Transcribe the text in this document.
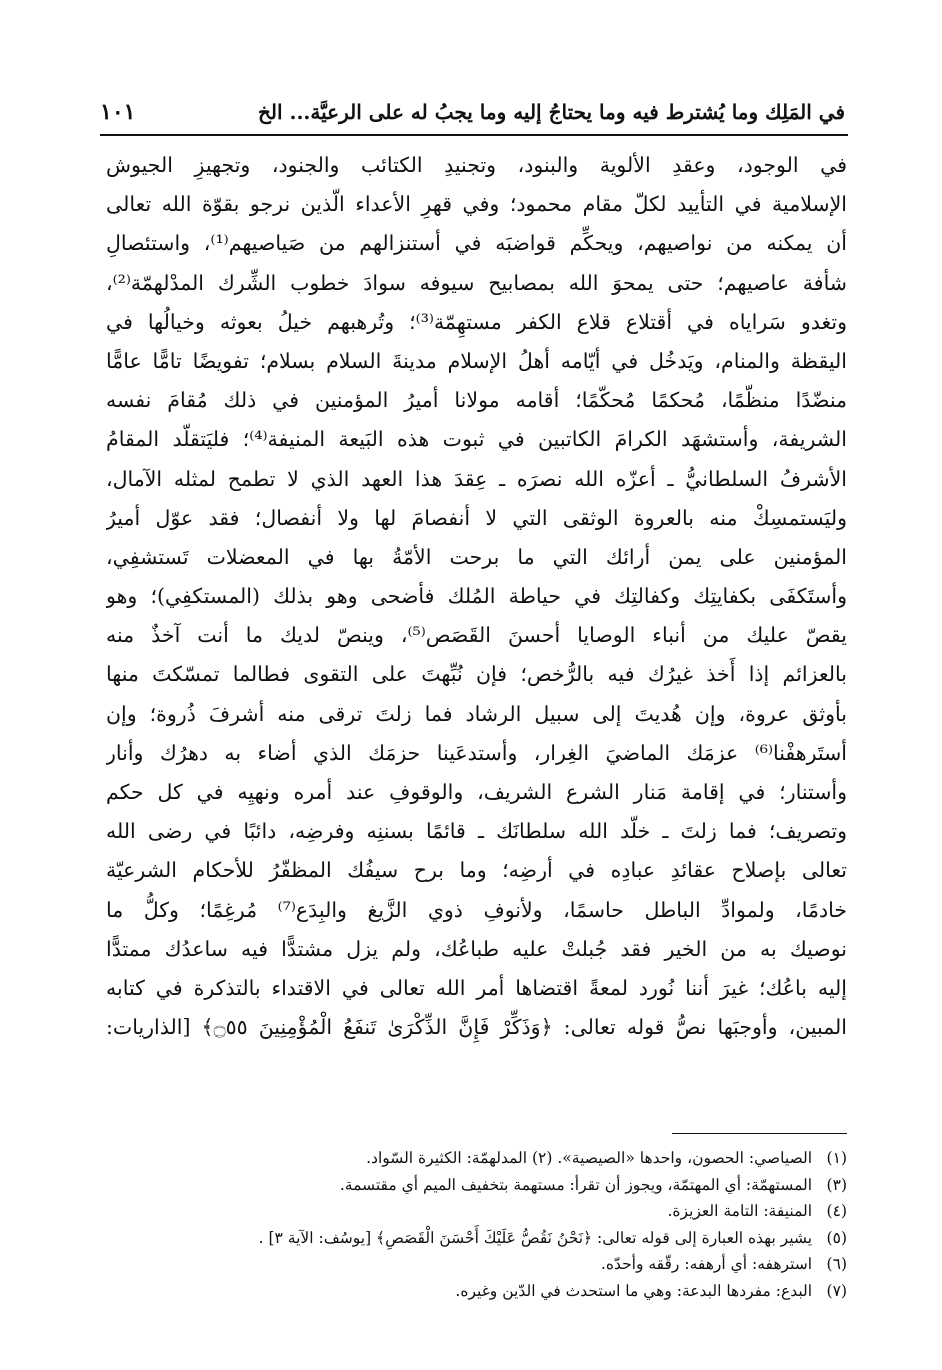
في المَلِك وما يُشترط فيه وما يحتاجُ إليه وما يجبُ له على الرعيَّة... الخ
١٠١
في الوجود، وعقدِ الألوية والبنود، وتجنيدِ الكتائب والجنود، وتجهيزِ الجيوش
الإسلامية في التأييد لكلّ مقام محمود؛ وفي قهرِ الأعداء الّذين نرجو بقوّة الله تعالى
أن يمكنه من نواصيهم، ويحكِّم قواضبَه في أستنزالهم من صَياصيهم⁽¹⁾، واستئصالِ
شأفة عاصيهم؛ حتى يمحوَ الله بمصابيح سيوفه سوادَ خطوب الشِّرك المدْلهمّة⁽²⁾،
وتغدو سَراياه في أقتلاع قلاع الكفر مستهِمّة⁽³⁾؛ وتُرهبهم خيلُ بعوثه وخيالُها في
اليقظة والمنام، ويَدخُل في أيّامه أهلُ الإسلام مدينةَ السلام بسلام؛ تفويضًا تامًّا عامًّا
منضّدًا منظّمًا، مُحكمًا مُحكّمًا؛ أقامه مولانا أميرُ المؤمنين في ذلك مُقامَ نفسه
الشريفة، وأستشهَد الكرامَ الكاتبين في ثبوت هذه البَيعة المنيفة⁽⁴⁾؛ فليَتقلّد المقامُ
الأشرفُ السلطانيُّ ـ أعزّه الله نصرَه ـ عِقدَ هذا العهد الذي لا تطمح لمثله الآمال،
وليَستمسِكْ منه بالعروة الوثقى التي لا أنفصامَ لها ولا أنفصال؛ فقد عوّل أميرُ
المؤمنين على يمن أرائك التي ما برحت الأمّةُ بها في المعضلات تَستشفِي،
وأستَكفَى بكفايتِك وكفالتِك في حياطة المُلك فأضحى وهو بذلك (المستكفِي)؛ وهو
يقصّ عليك من أنباء الوصايا أحسنَ القَصَص⁽⁵⁾، وينصّ لديك ما أنت آخذٌ منه
بالعزائم إذا أَخذ غيرُك فيه بالرُّخص؛ فإن نُبِّهتَ على التقوى فطالما تمسّكتَ منها
بأوثق عروة، وإن هُديتَ إلى سبيل الرشاد فما زلتَ ترقى منه أشرفَ ذُروة؛ وإن
أستَرهفْنا⁽⁶⁾ عزمَك الماضيَ الغِرار، وأستدعَينا حزمَك الذي أضاء به دهرُك وأنار
وأستنار؛ في إقامة مَنار الشرع الشريف، والوقوفِ عند أمره ونهيِه في كل حكم
وتصريف؛ فما زلتَ ـ خلّد الله سلطانَك ـ قائمًا بسننِه وفرضِه، دائبًا في رضى الله
تعالى بإصلاح عقائدِ عبادِه في أرضِه؛ وما برح سيفُك المظفّرُ للأحكام الشرعيّة
خادمًا، ولموادِّ الباطل حاسمًا، ولأنوفِ ذوي الزَّيغ والبِدَع⁽⁷⁾ مُرغِمًا؛ وكلُّ ما
نوصيك به من الخير فقد جُبلتْ عليه طباعُك، ولم يزل مشتدًّا فيه ساعدُك ممتدًّا
إليه باعُك؛ غيرَ أننا نُورد لمعةً اقتضاها أمر الله تعالى في الاقتداء بالتذكرة في كتابه
المبين، وأوجبَها نصُّ قوله تعالى: ﴿وَذَكِّرْ فَإِنَّ الذِّكْرَىٰ تَنفَعُ الْمُؤْمِنِينَ ۝٥٥﴾ [الذاريات:
(١) الصياصي: الحصون، واحدها «الصيصية». (٢) المدلهمّة: الكثيرة السّواد.
(٣) المستهمّة: أي المهتمّة، ويجوز أن تقرأ: مستهمة بتخفيف الميم أي مقتسمة.
(٤) المنيفة: التامة العزيزة.
(٥) يشير بهذه العبارة إلى قوله تعالى: ﴿نَحْنُ نَقُصُّ عَلَيْكَ أَحْسَنَ الْقَصَصِ﴾ [يوسُف: الآية ٣] .
(٦) استرهفه: أي أرهفه: رقّقه وأحدّه.
(٧) البدع: مفردها البدعة: وهي ما استحدث في الدّين وغيره.
